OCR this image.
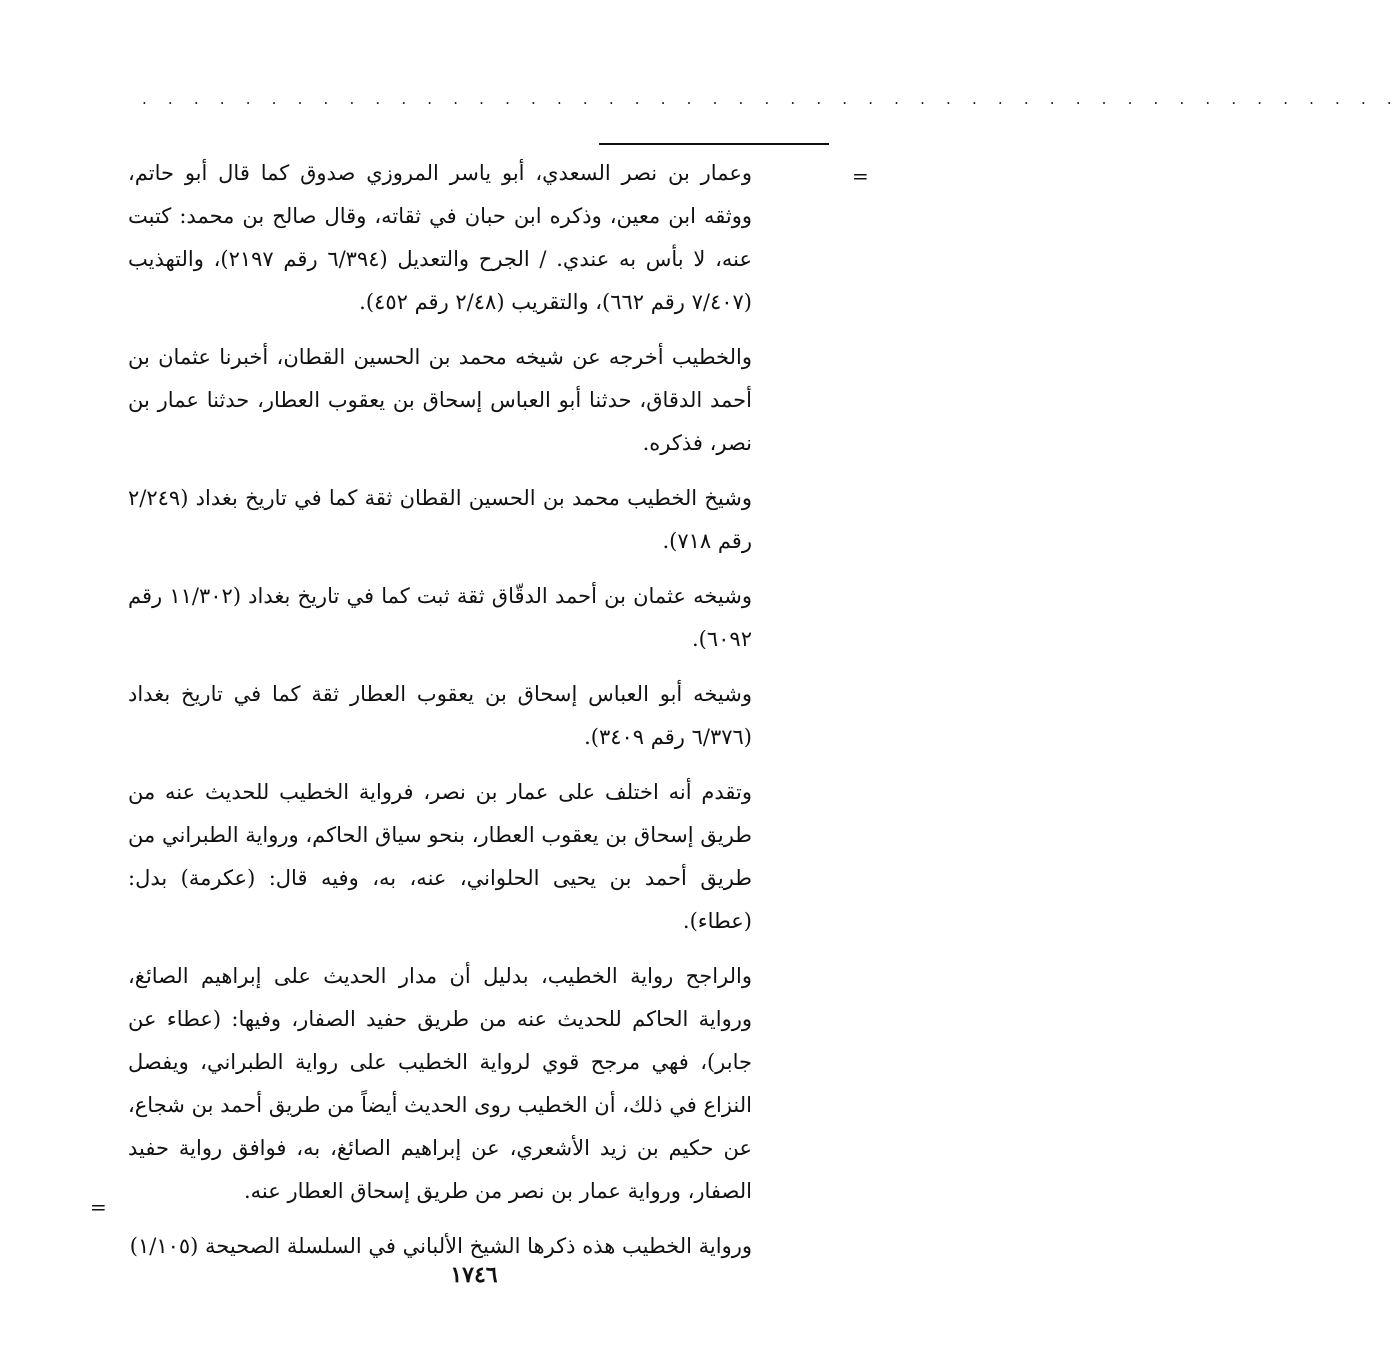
. . . . . . . . . . . . . . . . . . . . . . . . . . . . . . . . . . . . . . . . . . . . . . . . .
=

وعمار بن نصر السعدي، أبو ياسر المروزي صدوق كما قال أبو حاتم، ووثقه ابن معين، وذكره ابن حبان في ثقاته، وقال صالح بن محمد: كتبت عنه، لا بأس به عندي. / الجرح والتعديل (٦/٣٩٤ رقم ٢١٩٧)، والتهذيب (٧/٤٠٧ رقم ٦٦٢)، والتقريب (٢/٤٨ رقم ٤٥٢).

والخطيب أخرجه عن شيخه محمد بن الحسين القطان، أخبرنا عثمان بن أحمد الدقاق، حدثنا أبو العباس إسحاق بن يعقوب العطار، حدثنا عمار بن نصر، فذكره.

وشيخ الخطيب محمد بن الحسين القطان ثقة كما في تاريخ بغداد (٢/٢٤٩ رقم ٧١٨).

وشيخه عثمان بن أحمد الدقّاق ثقة ثبت كما في تاريخ بغداد (١١/٣٠٢ رقم ٦٠٩٢).

وشيخه أبو العباس إسحاق بن يعقوب العطار ثقة كما في تاريخ بغداد (٦/٣٧٦ رقم ٣٤٠٩).

وتقدم أنه اختلف على عمار بن نصر، فرواية الخطيب للحديث عنه من طريق إسحاق بن يعقوب العطار، بنحو سياق الحاكم، ورواية الطبراني من طريق أحمد بن يحيى الحلواني، عنه، به، وفيه قال: (عكرمة) بدل: (عطاء).

والراجح رواية الخطيب، بدليل أن مدار الحديث على إبراهيم الصائغ، ورواية الحاكم للحديث عنه من طريق حفيد الصفار، وفيها: (عطاء عن جابر)، فهي مرجح قوي لرواية الخطيب على رواية الطبراني، ويفصل النزاع في ذلك، أن الخطيب روى الحديث أيضاً من طريق أحمد بن شجاع، عن حكيم بن زيد الأشعري، عن إبراهيم الصائغ، به، فوافق رواية حفيد الصفار، ورواية عمار بن نصر من طريق إسحاق العطار عنه.

ورواية الخطيب هذه ذكرها الشيخ الألباني في السلسلة الصحيحة (١/١٠٥)

=
١٧٤٦
